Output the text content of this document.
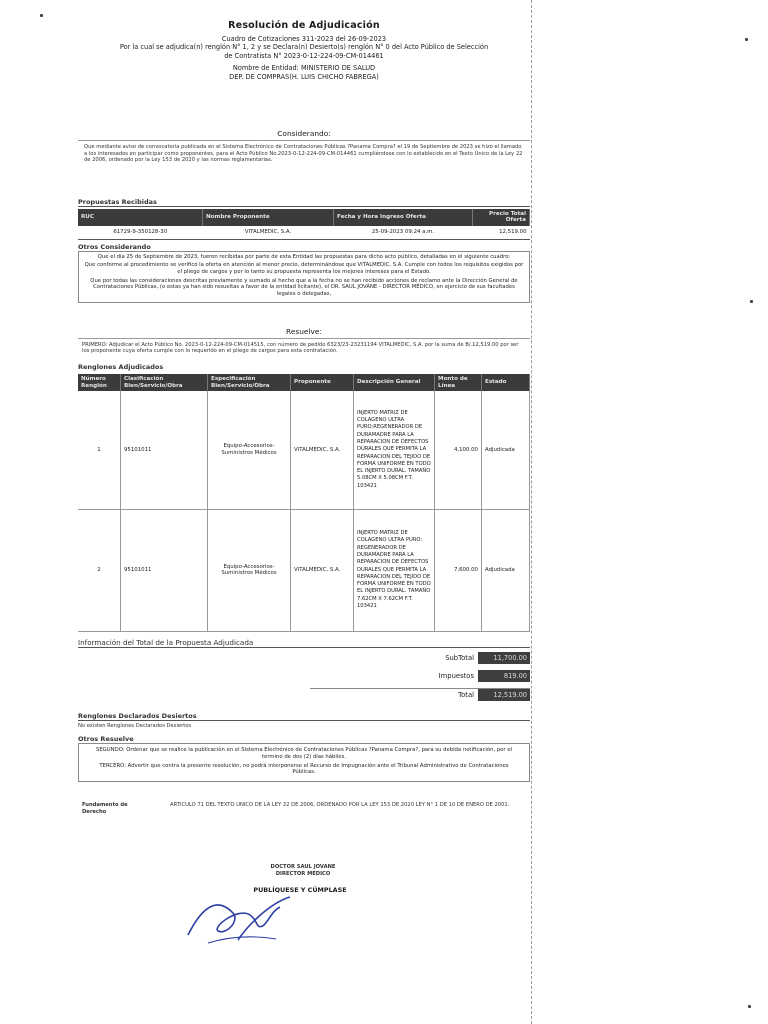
Resolución de Adjudicación
Cuadro de Cotizaciones 311-2023 del 26-09-2023
Por la cual se adjudica(n) renglón N° 1, 2 y se Declara(n) Desierto(s) renglón N° 0 del Acto Público de Selección
de Contratista N° 2023-0-12-224-09-CM-014461
Nombre de Entidad: MINISTERIO DE SALUD
DEP. DE COMPRAS(H. LUIS CHICHO FABREGA)
Considerando:
Que mediante aviso de convocatoria publicada en el Sistema Electrónico de Contrataciones Públicas ?Panama Compra? el 19 de Septiembre de 2023 se hizo el llamado a los interesados en participar como proponentes, para el Acto Público No.2023-0-12-224-09-CM-014461 cumpliéndose con lo establecido en el Texto Único de la Ley 22 de 2006, ordenado por la Ley 153 de 2020 y las normas reglamentarias.
Propuestas Recibidas
RUC	Nombre Proponente	Fecha y Hora Ingreso Oferta	Precio Total Oferta
61729-9-350128-30	VITALMEDIC, S.A.	25-09-2023 09:24 a.m.	12,519.00
Otros Considerando

Que el día 25 de Septiembre de 2023, fueron recibidas por parte de esta Entidad las propuestas para dicho acto público, detalladas en el siguiente cuadro:

Que conforme al procedimiento se verificó la oferta en atención al menor precio, determinándose que VITALMEDIC, S.A. Cumple con todos los requisitos exigidos por el pliego de cargos y por lo tanto su propuesta representa los mejores intereses para el Estado.

Que por todas las consideraciones descritas previamente y sumado al hecho que a la fecha no se han recibido acciones de reclamo ante la Dirección General de Contrataciones Públicas, (o estas ya han sido resueltas a favor de la entidad licitante), el DR. SAUL JOVANE - DIRECTOR MÉDICO, en ejercicio de sus facultades legales o delegadas,

Resuelve:
PRIMERO: Adjudicar el Acto Público No. 2023-0-12-224-09-CM-014515, con número de pedido 6323/23-23231194 VITALMEDIC, S.A. por la suma de B/.12,519.00 por ser los proponente cuya oferta cumple con lo requerido en el pliego de cargos para esta contratación.
Renglones Adjudicados
Número Renglón	Clasificación Bien/Servicio/Obra	Especificación Bien/Servicio/Obra	Proponente	Descripción General	Monto de Línea	Estado
1	95101011	Equipo-Accesorios-Suministros Médicos	VITALMEDIC, S.A.	INJERTO MATRIZ DE COLAGENO ULTRA PURO:REGENERADOR DE DURAMADRE PARA LA REPARACION DE DEFECTOS DURALES QUE PERMITA LA REPARACION DEL TEJIDO DE FORMA UNIFORME EN TODO EL INJERTO DURAL. TAMAÑO 5.08CM X 5.08CM F.T. 103421	4,100.00	Adjudicada
2	95101011	Equipo-Accesorios-Suministros Médicos	VITALMEDIC, S.A.	INJERTO MATRIZ DE COLAGENO ULTRA PURO: REGENERADOR DE DURAMADRE PARA LA REPARACION DE DEFECTOS DURALES QUE PERMITA LA REPARACION DEL TEJIDO DE FORMA UNIFORME EN TODO EL INJERTO DURAL. TAMAÑO 7.62CM X 7.62CM F.T. 103421	7,600.00	Adjudicada
Información del Total de la Propuesta Adjudicada
SubTotal	11,700.00
Impuestos	819.00
Total	12,519.00
Renglones Declarados Desiertos
No existen Renglones Declarados Desiertos
Otros Resuelve

SEGUNDO: Ordenar que se realice la publicación en el Sistema Electrónico de Contrataciones Públicas ?Panama Compra?, para su debida notificación, por el término de dos (2) días hábiles.

TERCERO: Advertir que contra la presente resolución, no podrá interponerse el Recurso de Impugnación ante el Tribunal Administrativo de Contrataciones Públicas.

Fundamento de Derecho
ARTICULO 71 DEL TEXTO UNICO DE LA LEY 22 DE 2006, ORDENADO POR LA LEY 153 DE 2020 LEY N° 1 DE 10 DE ENERO DE 2001.
DOCTOR SAUL JOVANE
DIRECTOR MÉDICO
PUBLÍQUESE Y CÚMPLASE
